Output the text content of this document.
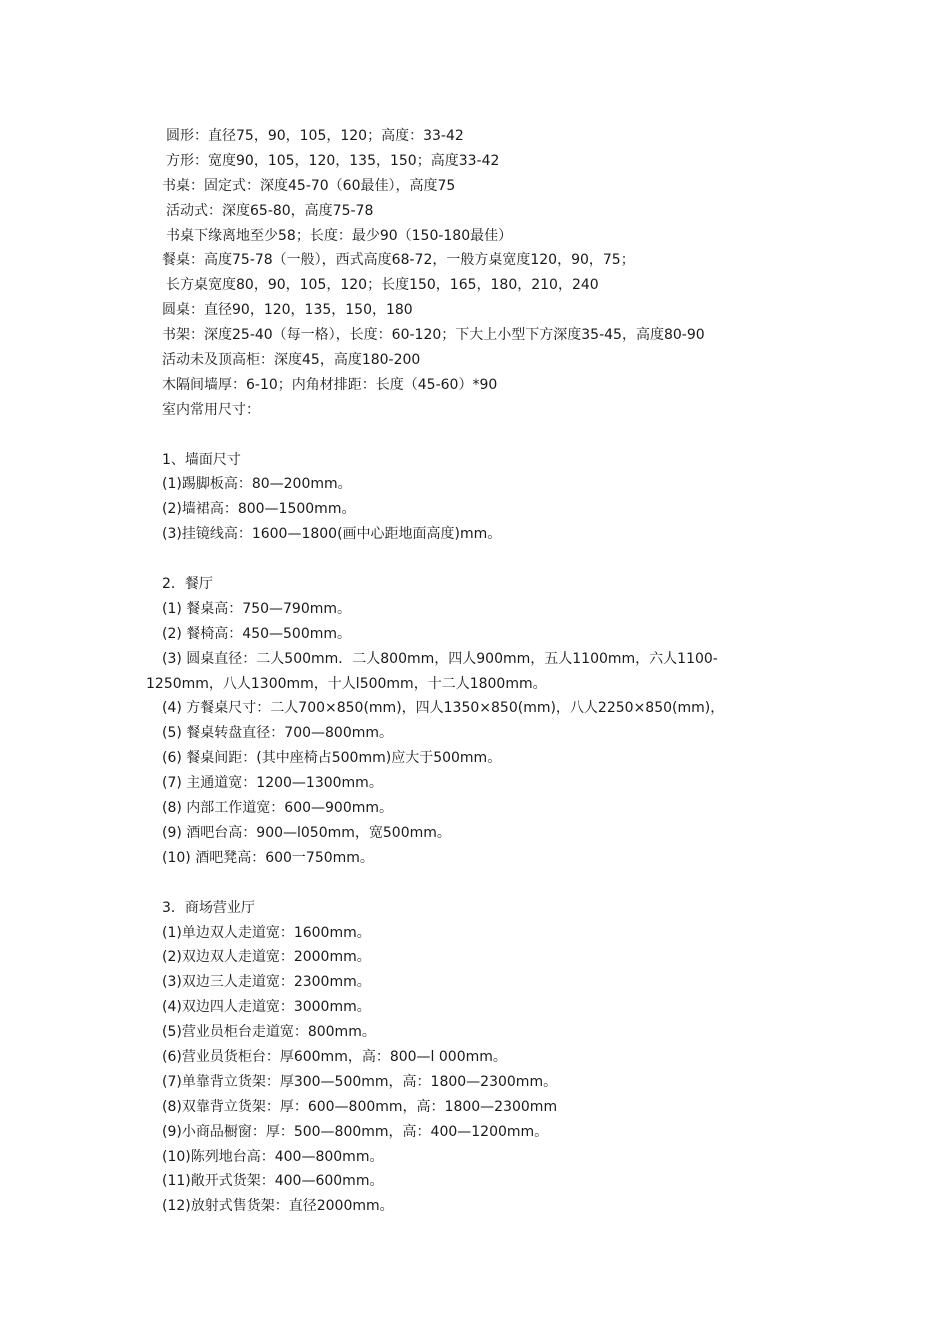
圆形：直径75，90，105，120；高度：33-42
方形：宽度90，105，120，135，150；高度33-42
书桌：固定式：深度45-70（60最佳），高度75
活动式：深度65-80，高度75-78
书桌下缘离地至少58；长度：最少90（150-180最佳）
餐桌：高度75-78（一般），西式高度68-72，一般方桌宽度120，90，75；
长方桌宽度80，90，105，120；长度150，165，180，210，240
圆桌：直径90，120，135，150，180
书架：深度25-40（每一格），长度：60-120；下大上小型下方深度35-45，高度80-90
活动未及顶高柜：深度45，高度180-200
木隔间墙厚：6-10；内角材排距：长度（45-60）*90
室内常用尺寸：
1、墙面尺寸
(1)踢脚板高：80—200mm。
(2)墙裙高：800—1500mm。
(3)挂镜线高：1600—1800(画中心距地面高度)mm。
2．餐厅
(1) 餐桌高：750—790mm。
(2) 餐椅高：450—500mm。
(3) 圆桌直径：二人500mm．二人800mm，四人900mm，五人1100mm，六人1100-
1250mm，八人1300mm，十人l500mm，十二人1800mm。
(4) 方餐桌尺寸：二人700×850(mm)，四人1350×850(mm)，八人2250×850(mm)，
(5) 餐桌转盘直径：700—800mm。
(6) 餐桌间距：(其中座椅占500mm)应大于500mm。
(7) 主通道宽：1200—1300mm。
(8) 内部工作道宽：600—900mm。
(9) 酒吧台高：900—l050mm，宽500mm。
(10) 酒吧凳高：600一750mm。
3．商场营业厅
(1)单边双人走道宽：1600mm。
(2)双边双人走道宽：2000mm。
(3)双边三人走道宽：2300mm。
(4)双边四人走道宽：3000mm。
(5)营业员柜台走道宽：800mm。
(6)营业员货柜台：厚600mm，高：800—l 000mm。
(7)单靠背立货架：厚300—500mm，高：1800—2300mm。
(8)双靠背立货架：厚：600—800mm，高：1800—2300mm
(9)小商品橱窗：厚：500—800mm，高：400—1200mm。
(10)陈列地台高：400—800mm。
(11)敞开式货架：400—600mm。
(12)放射式售货架：直径2000mm。
